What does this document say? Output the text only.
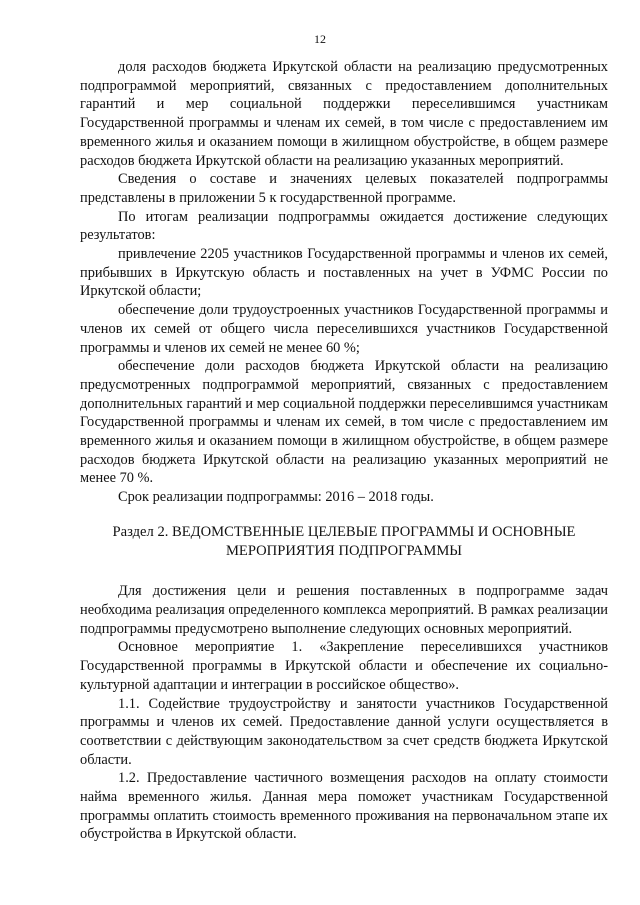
12

доля расходов бюджета Иркутской области на реализацию предусмотренных подпрограммой мероприятий, связанных с предоставлением дополнительных гарантий и мер социальной поддержки переселившимся участникам Государственной программы и членам их семей, в том числе с предоставлением им временного жилья и оказанием помощи в жилищном обустройстве, в общем размере расходов бюджета Иркутской области на реализацию указанных мероприятий.

Сведения о составе и значениях целевых показателей подпрограммы представлены в приложении 5 к государственной программе.

По итогам реализации подпрограммы ожидается достижение следующих результатов:

привлечение 2205 участников Государственной программы и членов их семей, прибывших в Иркутскую область и поставленных на учет в УФМС России по Иркутской области;

обеспечение доли трудоустроенных участников Государственной программы и членов их семей от общего числа переселившихся участников Государственной программы и членов их семей не менее 60 %;

обеспечение доли расходов бюджета Иркутской области на реализацию предусмотренных подпрограммой мероприятий, связанных с предоставлением дополнительных гарантий и мер социальной поддержки переселившимся участникам Государственной программы и членам их семей, в том числе с предоставлением им временного жилья и оказанием помощи в жилищном обустройстве, в общем размере расходов бюджета Иркутской области на реализацию указанных мероприятий не менее 70 %.

Срок реализации подпрограммы: 2016 – 2018 годы.

Раздел 2. ВЕДОМСТВЕННЫЕ ЦЕЛЕВЫЕ ПРОГРАММЫ И ОСНОВНЫЕ МЕРОПРИЯТИЯ ПОДПРОГРАММЫ

Для достижения цели и решения поставленных в подпрограмме задач необходима реализация определенного комплекса мероприятий. В рамках реализации подпрограммы предусмотрено выполнение следующих основных мероприятий.

Основное мероприятие 1. «Закрепление переселившихся участников Государственной программы в Иркутской области и обеспечение их социально-культурной адаптации и интеграции в российское общество».

1.1. Содействие трудоустройству и занятости участников Государственной программы и членов их семей. Предоставление данной услуги осуществляется в соответствии с действующим законодательством за счет средств бюджета Иркутской области.

1.2. Предоставление частичного возмещения расходов на оплату стоимости найма временного жилья. Данная мера поможет участникам Государственной программы оплатить стоимость временного проживания на первоначальном этапе их обустройства в Иркутской области.
